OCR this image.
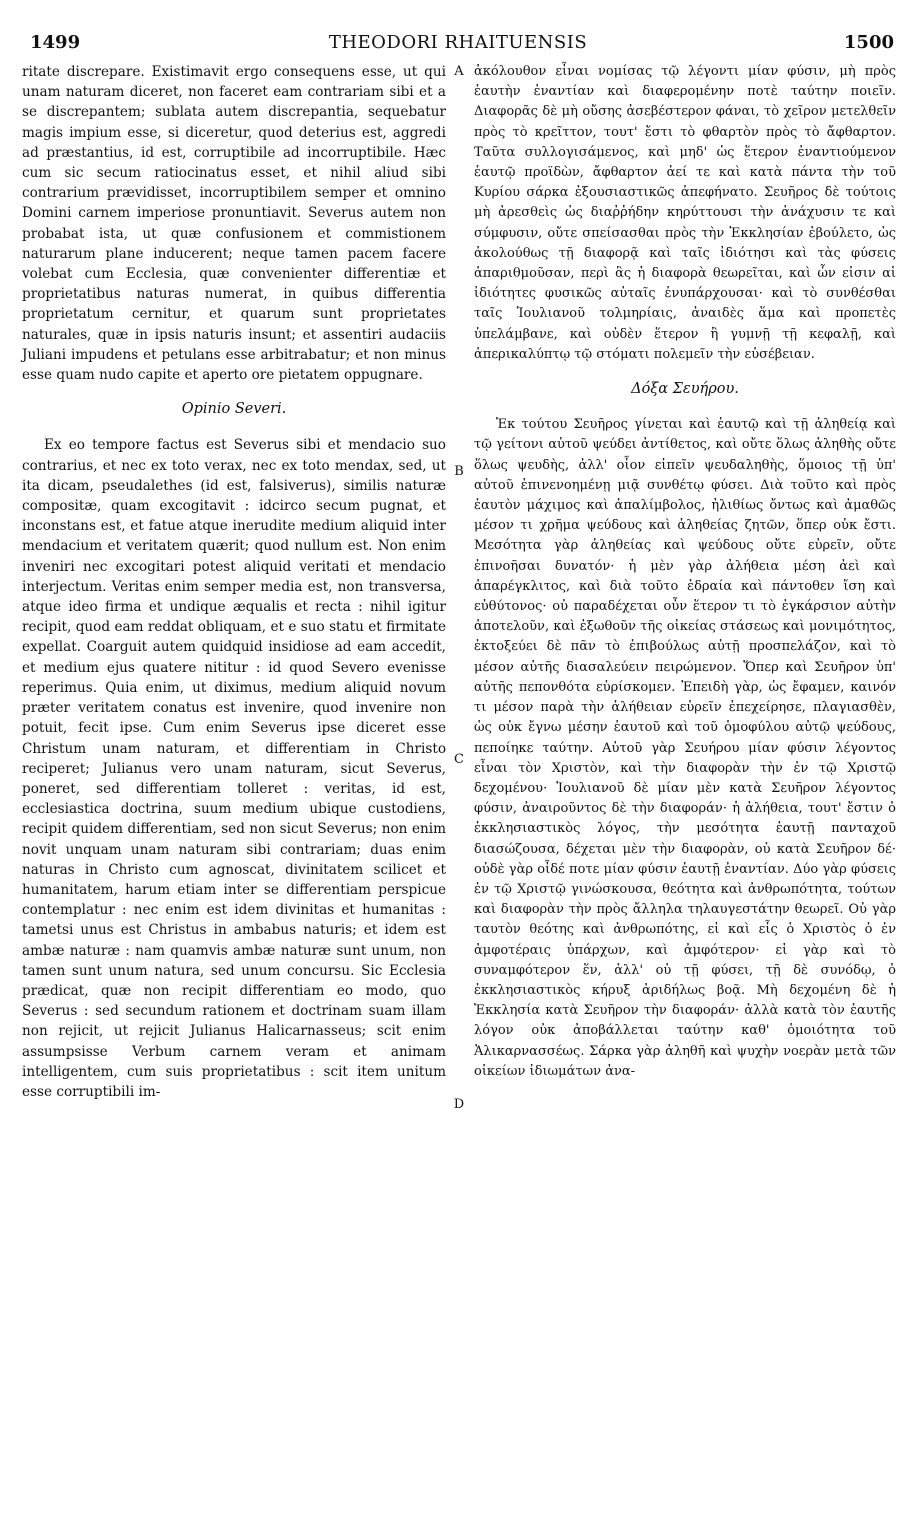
1499	THEODORI RHAITUENSIS	1500

ritate discrepare. Existimavit ergo consequens esse, ut qui unam naturam diceret, non faceret eam contrariam sibi et a se discrepantem; sublata autem discrepantia, sequebatur magis impium esse, si diceretur, quod deterius est, aggredi ad præstantius, id est, corruptibile ad incorruptibile. Hæc cum sic secum ratiocinatus esset, et nihil aliud sibi contrarium prævidisset, incorruptibilem semper et omnino Domini carnem imperiose pronuntiavit. Severus autem non probabat ista, ut quæ confusionem et commistionem naturarum plane inducerent; neque tamen pacem facere volebat cum Ecclesia, quæ convenienter differentiæ et proprietatibus naturas numerat, in quibus differentia proprietatum cernitur, et quarum sunt proprietates naturales, quæ in ipsis naturis insunt; et assentiri audaciis Juliani impudens et petulans esse arbitrabatur; et non minus esse quam nudo capite et aperto ore pietatem oppugnare.

Opinio Severi.

Ex eo tempore factus est Severus sibi et mendacio suo contrarius, et nec ex toto verax, nec ex toto mendax, sed, ut ita dicam, pseudalethes (id est, falsiverus), similis naturæ compositæ, quam excogitavit : idcirco secum pugnat, et inconstans est, et fatue atque inerudite medium aliquid inter mendacium et veritatem quærit; quod nullum est. Non enim inveniri nec excogitari potest aliquid veritati et mendacio interjectum. Veritas enim semper media est, non transversa, atque ideo firma et undique æqualis et recta : nihil igitur recipit, quod eam reddat obliquam, et e suo statu et firmitate expellat. Coarguit autem quidquid insidiose ad eam accedit, et medium ejus quatere nititur : id quod Severo evenisse reperimus. Quia enim, ut diximus, medium aliquid novum præter veritatem conatus est invenire, quod invenire non potuit, fecit ipse. Cum enim Severus ipse diceret esse Christum unam naturam, et differentiam in Christo reciperet; Julianus vero unam naturam, sicut Severus, poneret, sed differentiam tolleret : veritas, id est, ecclesiastica doctrina, suum medium ubique custodiens, recipit quidem differentiam, sed non sicut Severus; non enim novit unquam unam naturam sibi contrariam; duas enim naturas in Christo cum agnoscat, divinitatem scilicet et humanitatem, harum etiam inter se differentiam perspicue contemplatur : nec enim est idem divinitas et humanitas : tametsi unus est Christus in ambabus naturis; et idem est ambæ naturæ : nam quamvis ambæ naturæ sunt unum, non tamen sunt unum natura, sed unum concursu. Sic Ecclesia prædicat, quæ non recipit differentiam eo modo, quo Severus : sed secundum rationem et doctrinam suam illam non rejicit, ut rejicit Julianus Halicarnasseus; scit enim assumpsisse Verbum carnem veram et animam intelligentem, cum suis proprietatibus : scit item unitum esse corruptibili im-

A
B
C
D

ἀκόλουθον εἶναι νομίσας τῷ λέγοντι μίαν φύσιν, μὴ πρὸς ἑαυτὴν ἐναντίαν καὶ διαφερομένην ποτὲ ταύτην ποιεῖν. Διαφορᾶς δὲ μὴ οὔσης ἀσεβέστερον φάναι, τὸ χεῖρον μετελθεῖν πρὸς τὸ κρεῖττον, τουτ' ἔστι τὸ φθαρτὸν πρὸς τὸ ἄφθαρτον. Ταῦτα συλλογισάμενος, καὶ μηδ' ὡς ἕτερον ἐναντιούμενον ἑαυτῷ προϊδὼν, ἄφθαρτον ἀεί τε καὶ κατὰ πάντα τὴν τοῦ Κυρίου σάρκα ἐξουσιαστικῶς ἀπεφήνατο. Σευῆρος δὲ τούτοις μὴ ἀρεσθεὶς ὡς διαῤῥήδην κηρύττουσι τὴν ἀνάχυσιν τε καὶ σύμφυσιν, οὔτε σπείσασθαι πρὸς τὴν Ἐκκλησίαν ἐβούλετο, ὡς ἀκολούθως τῇ διαφορᾷ καὶ ταῖς ἰδιότησι καὶ τὰς φύσεις ἀπαριθμοῦσαν, περὶ ἃς ἡ διαφορὰ θεωρεῖται, καὶ ὧν εἰσιν αἱ ἰδιότητες φυσικῶς αὐταῖς ἐνυπάρχουσαι· καὶ τὸ συνθέσθαι ταῖς Ἰουλιανοῦ τολμηρίαις, ἀναιδὲς ἅμα καὶ προπετὲς ὑπελάμβανε, καὶ οὐδὲν ἕτερον ἢ γυμνῇ τῇ κεφαλῇ, καὶ ἀπερικαλύπτῳ τῷ στόματι πολεμεῖν τὴν εὐσέβειαν.

Δόξα Σευήρου.

Ἐκ τούτου Σευῆρος γίνεται καὶ ἑαυτῷ καὶ τῇ ἀληθείᾳ καὶ τῷ γείτονι αὐτοῦ ψεύδει ἀντίθετος, καὶ οὔτε ὅλως ἀληθὴς οὔτε ὅλως ψευδὴς, ἀλλ' οἷον εἰπεῖν ψευδαληθὴς, ὅμοιος τῇ ὑπ' αὐτοῦ ἐπινενοημένῃ μιᾷ συνθέτῳ φύσει. Διὰ τοῦτο καὶ πρὸς ἑαυτὸν μάχιμος καὶ ἀπαλίμβολος, ἠλιθίως ὄντως καὶ ἀμαθῶς μέσον τι χρῆμα ψεύδους καὶ ἀληθείας ζητῶν, ὅπερ οὐκ ἔστι. Μεσότητα γὰρ ἀληθείας καὶ ψεύδους οὔτε εὑρεῖν, οὔτε ἐπινοῆσαι δυνατόν· ἡ μὲν γὰρ ἀλήθεια μέση ἀεὶ καὶ ἀπαρέγκλιτος, καὶ διὰ τοῦτο ἑδραία καὶ πάντοθεν ἴση καὶ εὐθύτονος· οὐ παραδέχεται οὖν ἕτερον τι τὸ ἐγκάρσιον αὐτὴν ἀποτελοῦν, καὶ ἐξωθοῦν τῆς οἰκείας στάσεως καὶ μονιμότητος, ἐκτοξεύει δὲ πᾶν τὸ ἐπιβούλως αὐτῇ προσπελάζον, καὶ τὸ μέσον αὐτῆς διασαλεύειν πειρώμενον. Ὅπερ καὶ Σευῆρον ὑπ' αὐτῆς πεπονθότα εὑρίσκομεν. Ἐπειδὴ γὰρ, ὡς ἔφαμεν, καινόν τι μέσον παρὰ τὴν ἀλήθειαν εὑρεῖν ἐπεχείρησε, πλαγιασθὲν, ὡς οὐκ ἔγνω μέσην ἑαυτοῦ καὶ τοῦ ὁμοφύλου αὐτῷ ψεύδους, πεποίηκε ταύτην. Αὐτοῦ γὰρ Σευήρου μίαν φύσιν λέγοντος εἶναι τὸν Χριστὸν, καὶ τὴν διαφορὰν τὴν ἐν τῷ Χριστῷ δεχομένου· Ἰουλιανοῦ δὲ μίαν μὲν κατὰ Σευῆρον λέγοντος φύσιν, ἀναιροῦντος δὲ τὴν διαφοράν· ἡ ἀλήθεια, τουτ' ἔστιν ὁ ἐκκλησιαστικὸς λόγος, τὴν μεσότητα ἑαυτῇ πανταχοῦ διασώζουσα, δέχεται μὲν τὴν διαφορὰν, οὐ κατὰ Σευῆρον δέ· οὐδὲ γὰρ οἶδέ ποτε μίαν φύσιν ἑαυτῇ ἐναντίαν. Δύο γὰρ φύσεις ἐν τῷ Χριστῷ γινώσκουσα, θεότητα καὶ ἀνθρωπότητα, τούτων καὶ διαφορὰν τὴν πρὸς ἄλληλα τηλαυγεστάτην θεωρεῖ. Οὐ γὰρ ταυτὸν θεότης καὶ ἀνθρωπότης, εἰ καὶ εἷς ὁ Χριστὸς ὁ ἐν ἀμφοτέραις ὑπάρχων, καὶ ἀμφότερον· εἰ γὰρ καὶ τὸ συναμφότερον ἕν, ἀλλ' οὐ τῇ φύσει, τῇ δὲ συνόδῳ, ὁ ἐκκλησιαστικὸς κήρυξ ἀριδήλως βοᾷ. Μὴ δεχομένη δὲ ἡ Ἐκκλησία κατὰ Σευῆρον τὴν διαφοράν· ἀλλὰ κατὰ τὸν ἑαυτῆς λόγον οὐκ ἀποβάλλεται ταύτην καθ' ὁμοιότητα τοῦ Ἁλικαρνασσέως. Σάρκα γὰρ ἀληθῆ καὶ ψυχὴν νοερὰν μετὰ τῶν οἰκείων ἰδιωμάτων ἀνα-
